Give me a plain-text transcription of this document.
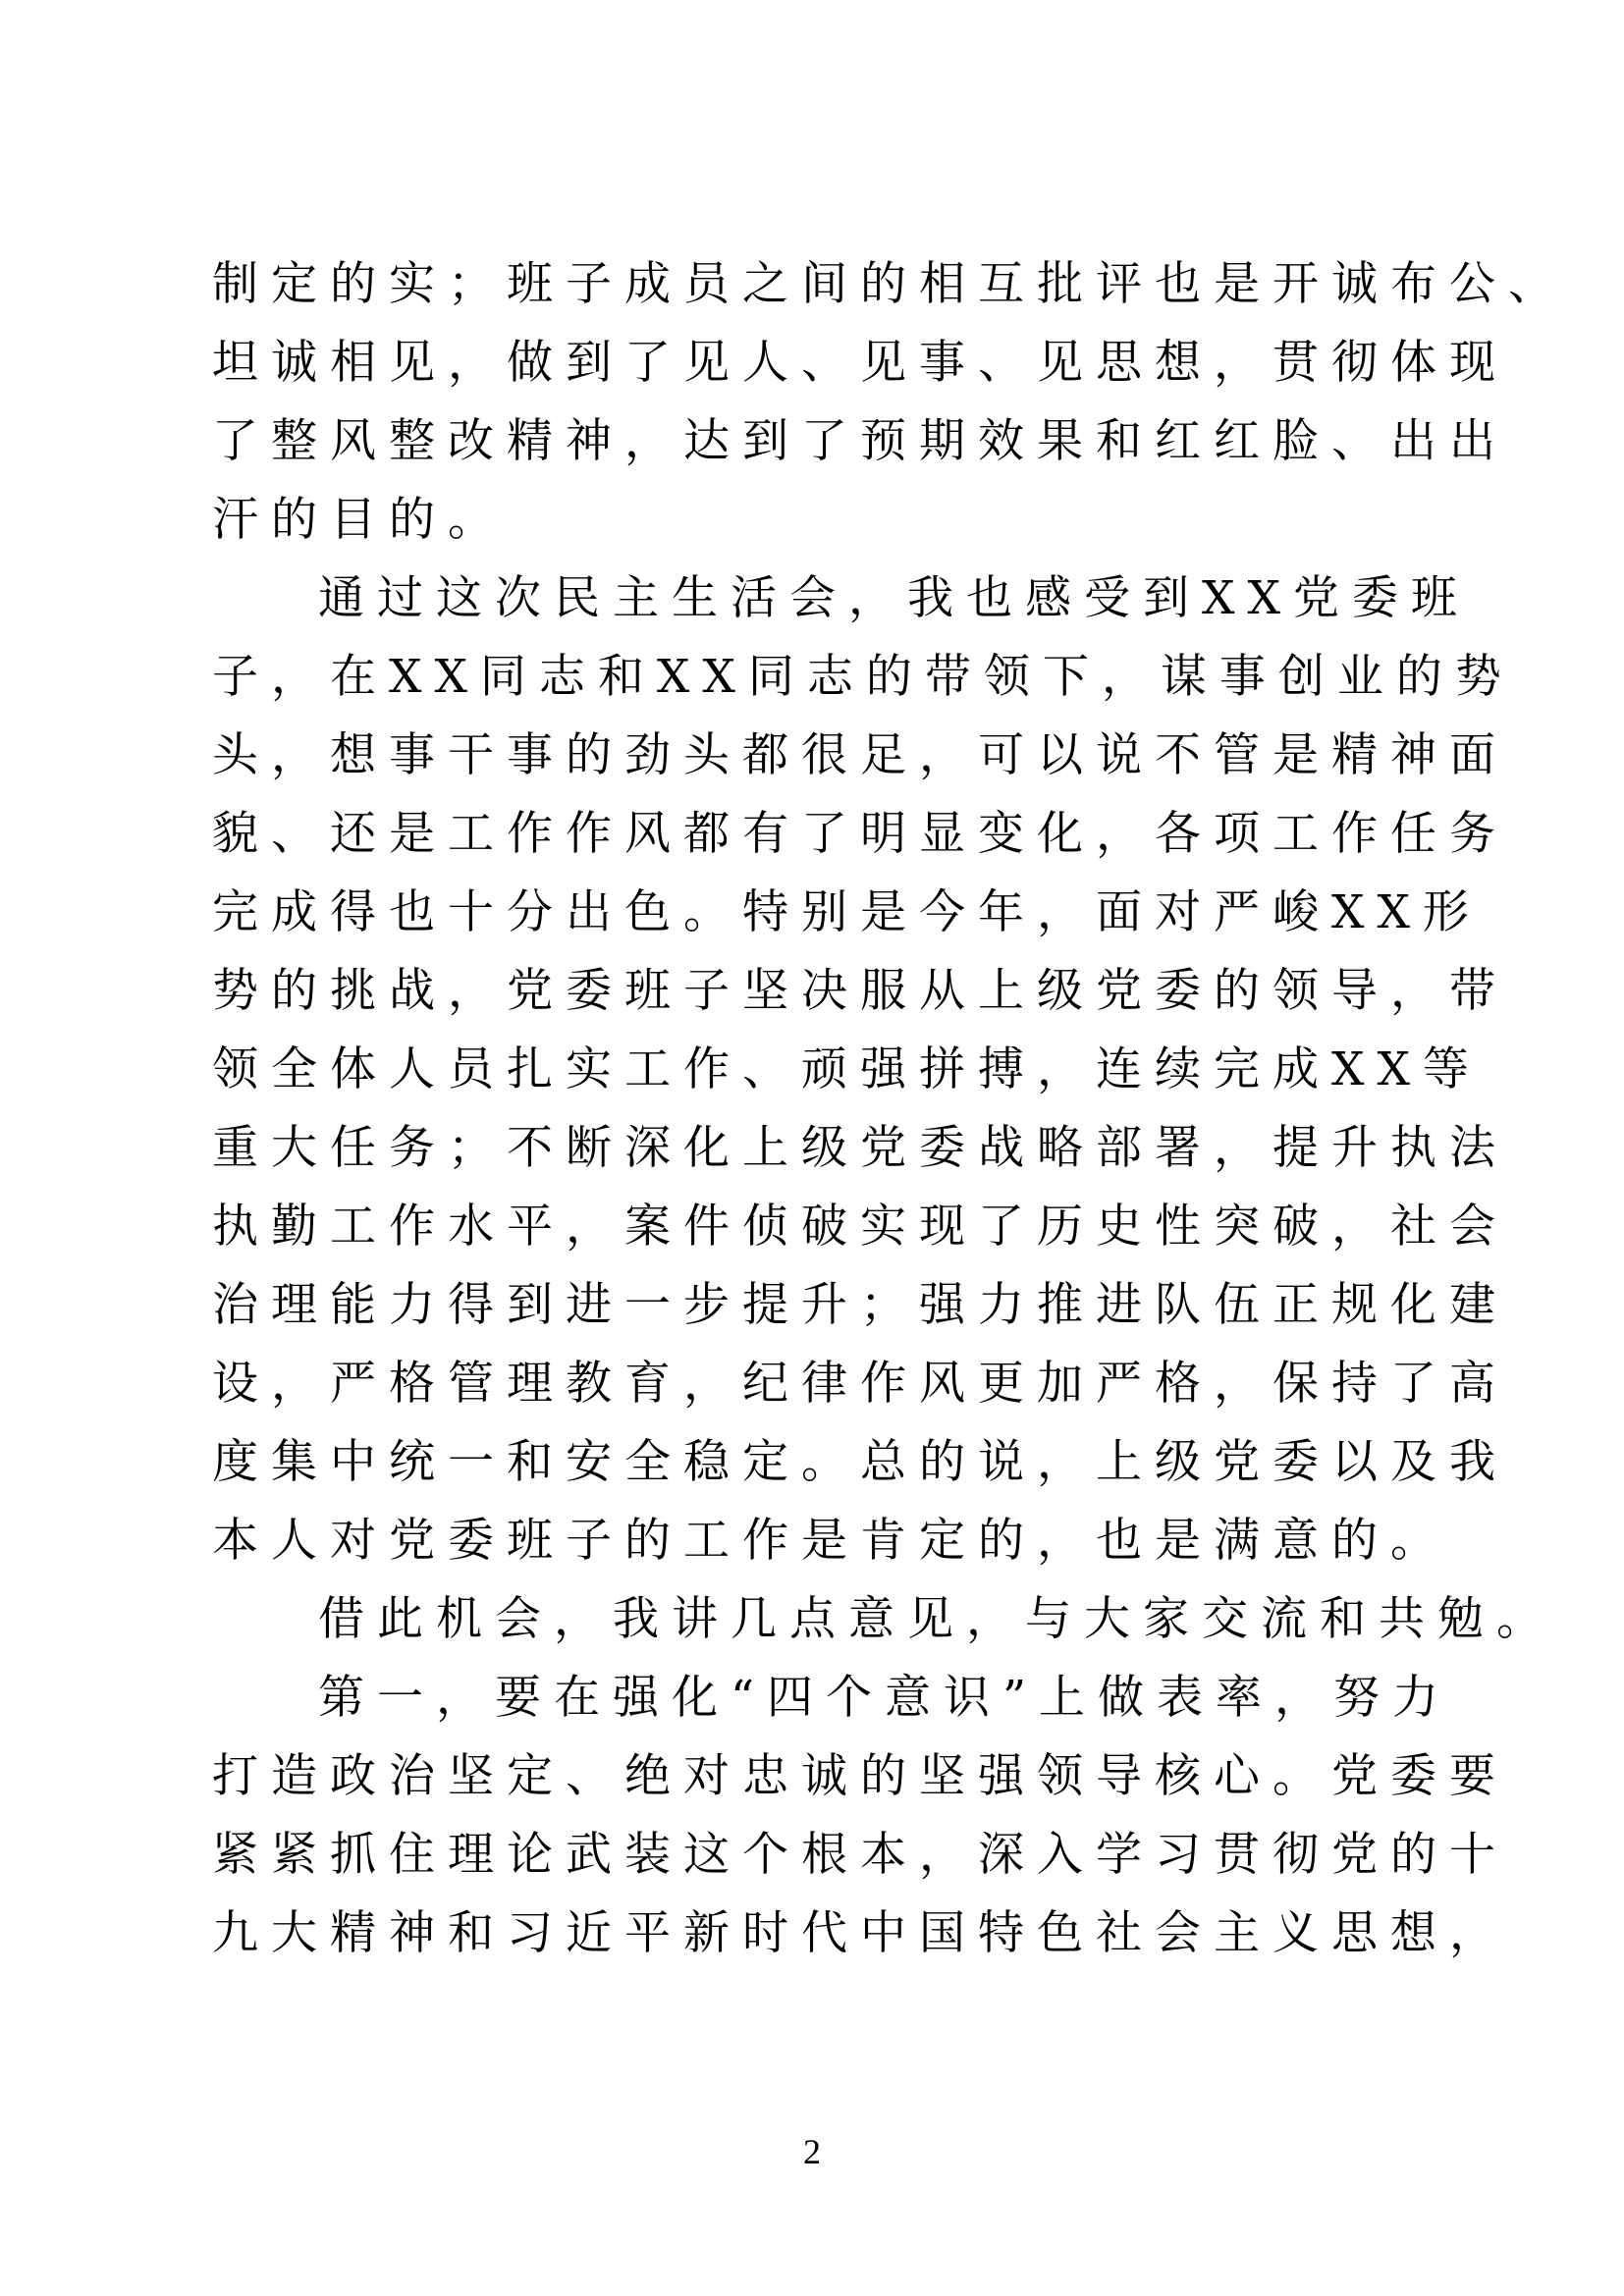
制定的实；班子成员之间的相互批评也是开诚布公、
坦诚相见，做到了见人、见事、见思想，贯彻体现
了整风整改精神，达到了预期效果和红红脸、出出
汗的目的。
通过这次民主生活会，我也感受到XX党委班
子，在XX同志和XX同志的带领下，谋事创业的势
头，想事干事的劲头都很足，可以说不管是精神面
貌、还是工作作风都有了明显变化，各项工作任务
完成得也十分出色。特别是今年，面对严峻XX形
势的挑战，党委班子坚决服从上级党委的领导，带
领全体人员扎实工作、顽强拼搏，连续完成XX等
重大任务；不断深化上级党委战略部署，提升执法
执勤工作水平，案件侦破实现了历史性突破，社会
治理能力得到进一步提升；强力推进队伍正规化建
设，严格管理教育，纪律作风更加严格，保持了高
度集中统一和安全稳定。总的说，上级党委以及我
本人对党委班子的工作是肯定的，也是满意的。
借此机会，我讲几点意见，与大家交流和共勉。
第一，要在强化“四个意识”上做表率，努力
打造政治坚定、绝对忠诚的坚强领导核心。党委要
紧紧抓住理论武装这个根本，深入学习贯彻党的十
九大精神和习近平新时代中国特色社会主义思想，
2
